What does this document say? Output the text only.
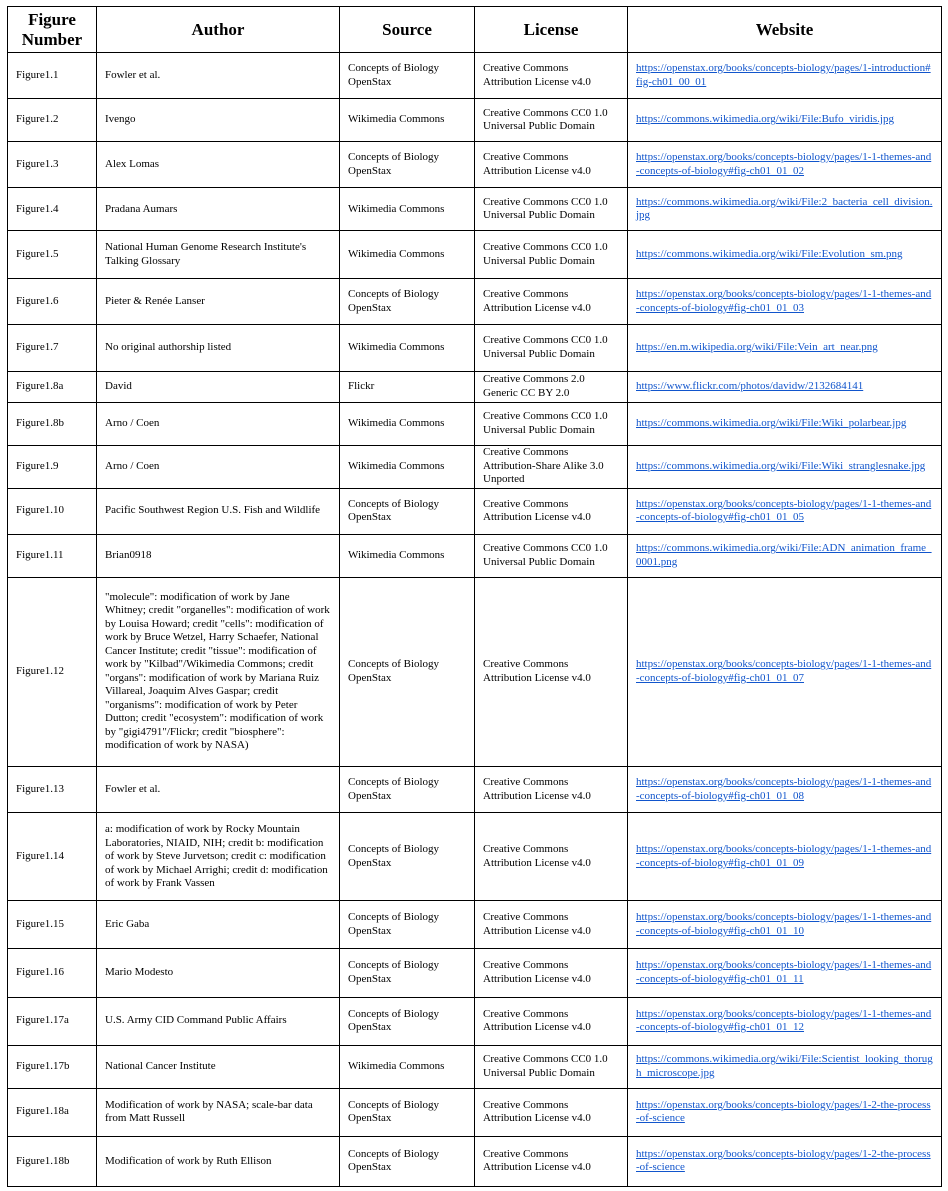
Figure Number	Author	Source	License	Website
Figure1.1	Fowler et al.	Concepts of Biology OpenStax	Creative Commons Attribution License v4.0	https://openstax.org/books/concepts-biology/pages/1-introduction#fig-ch01_00_01
Figure1.2	Ivengo	Wikimedia Commons	Creative Commons CC0 1.0 Universal Public Domain	https://commons.wikimedia.org/wiki/File:Bufo_viridis.jpg
Figure1.3	Alex Lomas	Concepts of Biology OpenStax	Creative Commons Attribution License v4.0	https://openstax.org/books/concepts-biology/pages/1-1-themes-and-concepts-of-biology#fig-ch01_01_02
Figure1.4	Pradana Aumars	Wikimedia Commons	Creative Commons CC0 1.0 Universal Public Domain	https://commons.wikimedia.org/wiki/File:2_bacteria_cell_division.jpg
Figure1.5	National Human Genome Research Institute's Talking Glossary	Wikimedia Commons	Creative Commons CC0 1.0 Universal Public Domain	https://commons.wikimedia.org/wiki/File:Evolution_sm.png
Figure1.6	Pieter & Renée Lanser	Concepts of Biology OpenStax	Creative Commons Attribution License v4.0	https://openstax.org/books/concepts-biology/pages/1-1-themes-and-concepts-of-biology#fig-ch01_01_03
Figure1.7	No original authorship listed	Wikimedia Commons	Creative Commons CC0 1.0 Universal Public Domain	https://en.m.wikipedia.org/wiki/File:Vein_art_near.png
Figure1.8a	David	Flickr	Creative Commons 2.0 Generic CC BY 2.0	https://www.flickr.com/photos/davidw/2132684141
Figure1.8b	Arno / Coen	Wikimedia Commons	Creative Commons CC0 1.0 Universal Public Domain	https://commons.wikimedia.org/wiki/File:Wiki_polarbear.jpg
Figure1.9	Arno / Coen	Wikimedia Commons	Creative Commons Attribution-Share Alike 3.0 Unported	https://commons.wikimedia.org/wiki/File:Wiki_stranglesnake.jpg
Figure1.10	Pacific Southwest Region U.S. Fish and Wildlife	Concepts of Biology OpenStax	Creative Commons Attribution License v4.0	https://openstax.org/books/concepts-biology/pages/1-1-themes-and-concepts-of-biology#fig-ch01_01_05
Figure1.11	Brian0918	Wikimedia Commons	Creative Commons CC0 1.0 Universal Public Domain	https://commons.wikimedia.org/wiki/File:ADN_animation_frame_0001.png
Figure1.12	"molecule": modification of work by Jane Whitney; credit "organelles": modification of work by Louisa Howard; credit "cells": modification of work by Bruce Wetzel, Harry Schaefer, National Cancer Institute; credit "tissue": modification of work by "Kilbad"/Wikimedia Commons; credit "organs": modification of work by Mariana Ruiz Villareal, Joaquim Alves Gaspar; credit "organisms": modification of work by Peter Dutton; credit "ecosystem": modification of work by "gigi4791"/Flickr; credit "biosphere": modification of work by NASA)	Concepts of Biology OpenStax	Creative Commons Attribution License v4.0	https://openstax.org/books/concepts-biology/pages/1-1-themes-and-concepts-of-biology#fig-ch01_01_07
Figure1.13	Fowler et al.	Concepts of Biology OpenStax	Creative Commons Attribution License v4.0	https://openstax.org/books/concepts-biology/pages/1-1-themes-and-concepts-of-biology#fig-ch01_01_08
Figure1.14	a: modification of work by Rocky Mountain Laboratories, NIAID, NIH; credit b: modification of work by Steve Jurvetson; credit c: modification of work by Michael Arrighi; credit d: modification of work by Frank Vassen	Concepts of Biology OpenStax	Creative Commons Attribution License v4.0	https://openstax.org/books/concepts-biology/pages/1-1-themes-and-concepts-of-biology#fig-ch01_01_09
Figure1.15	Eric Gaba	Concepts of Biology OpenStax	Creative Commons Attribution License v4.0	https://openstax.org/books/concepts-biology/pages/1-1-themes-and-concepts-of-biology#fig-ch01_01_10
Figure1.16	Mario Modesto	Concepts of Biology OpenStax	Creative Commons Attribution License v4.0	https://openstax.org/books/concepts-biology/pages/1-1-themes-and-concepts-of-biology#fig-ch01_01_11
Figure1.17a	U.S. Army CID Command Public Affairs	Concepts of Biology OpenStax	Creative Commons Attribution License v4.0	https://openstax.org/books/concepts-biology/pages/1-1-themes-and-concepts-of-biology#fig-ch01_01_12
Figure1.17b	National Cancer Institute	Wikimedia Commons	Creative Commons CC0 1.0 Universal Public Domain	https://commons.wikimedia.org/wiki/File:Scientist_looking_thorugh_microscope.jpg
Figure1.18a	Modification of work by NASA; scale-bar data from Matt Russell	Concepts of Biology OpenStax	Creative Commons Attribution License v4.0	https://openstax.org/books/concepts-biology/pages/1-2-the-process-of-science
Figure1.18b	Modification of work by Ruth Ellison	Concepts of Biology OpenStax	Creative Commons Attribution License v4.0	https://openstax.org/books/concepts-biology/pages/1-2-the-process-of-science
